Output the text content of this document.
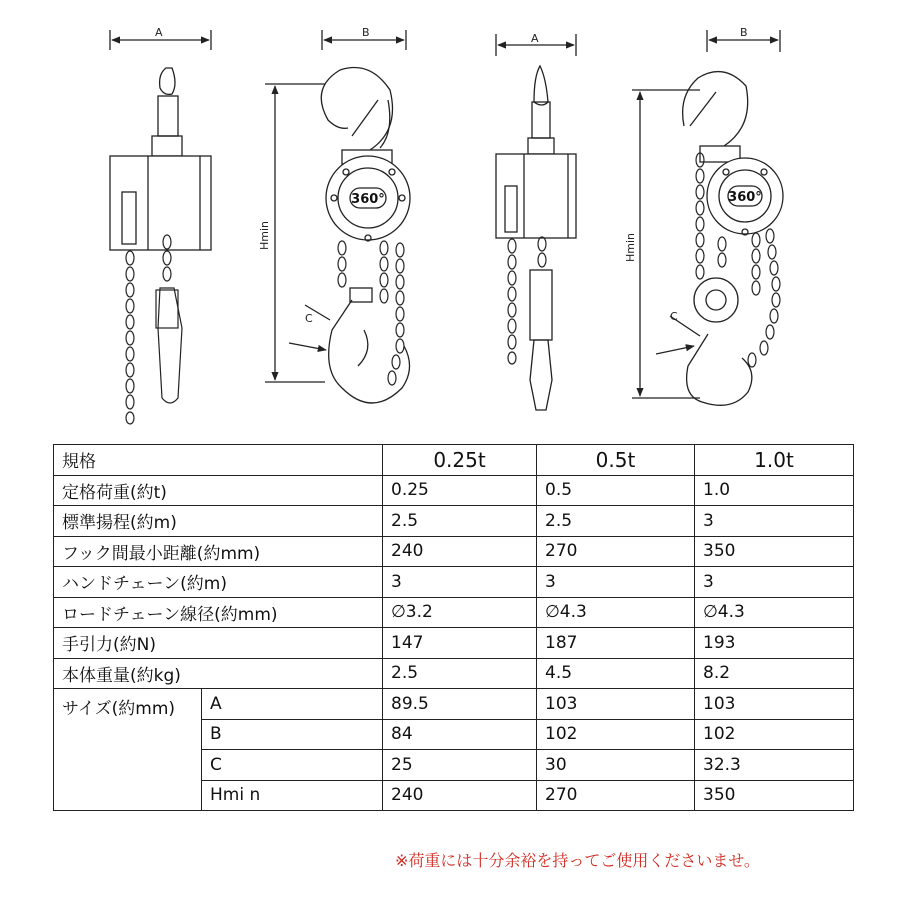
A
360°
B
Hmin
C
A
360°
B
Hmin
C
規格		0.25t	0.5t	1.0t
定格荷重(約t)		0.25	0.5	1.0
標準揚程(約m)		2.5	2.5	3
フック間最小距離(約mm)		240	270	350
ハンドチェーン(約m)		3	3	3
ロードチェーン線径(約mm)		∅3.2	∅4.3	∅4.3
手引力(約N)		147	187	193
本体重量(約kg)		2.5	4.5	8.2
サイズ(約mm)	A	89.5	103	103
	B	84	102	102
	C	25	30	32.3
	Hmi n	240	270	350
※荷重には十分余裕を持ってご使用くださいませ。
